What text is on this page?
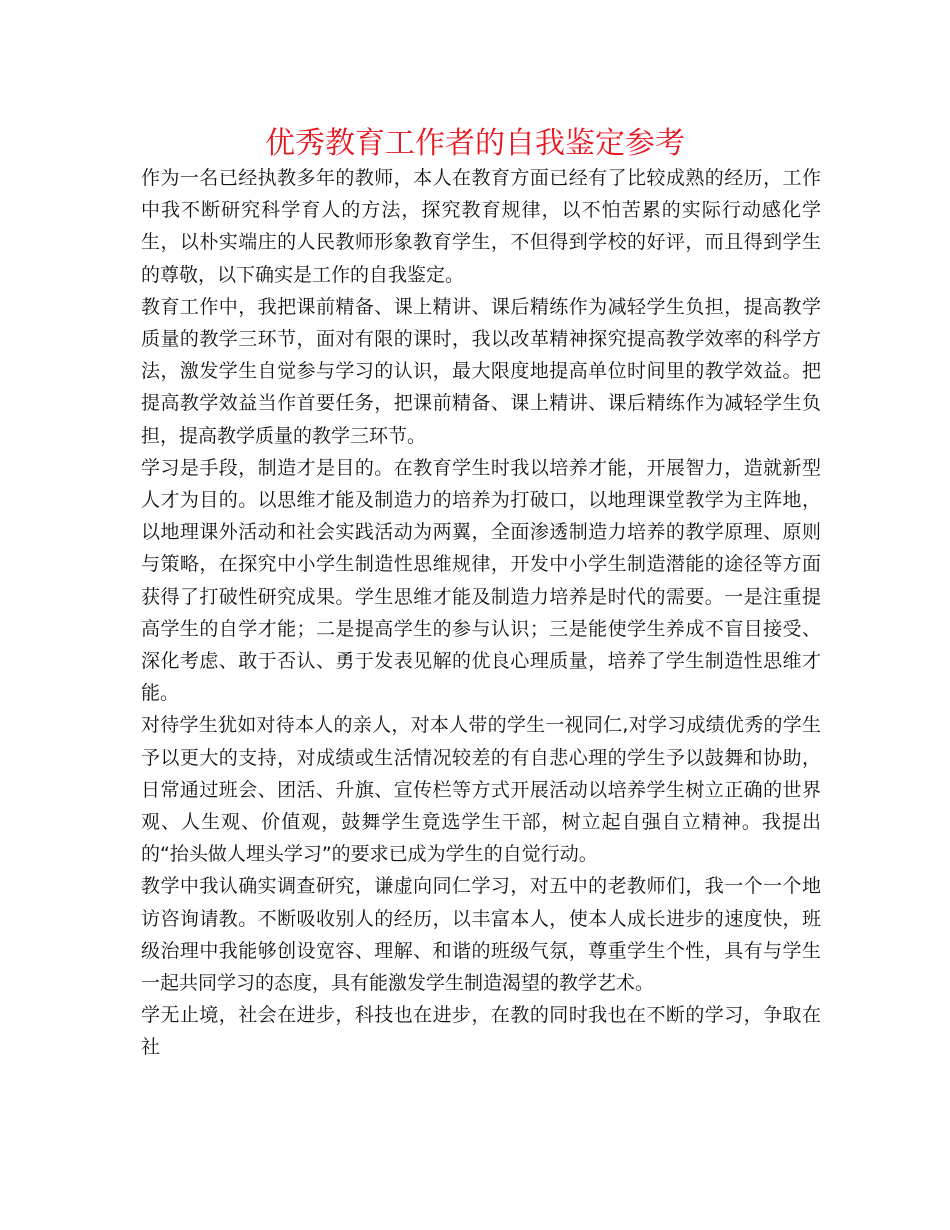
优秀教育工作者的自我鉴定参考

作为一名已经执教多年的教师，本人在教育方面已经有了比较成熟的经历，工作中我不断研究科学育人的方法，探究教育规律，以不怕苦累的实际行动感化学生，以朴实端庄的人民教师形象教育学生，不但得到学校的好评，而且得到学生的尊敬，以下确实是工作的自我鉴定。

教育工作中，我把课前精备、课上精讲、课后精练作为减轻学生负担，提高教学质量的教学三环节，面对有限的课时，我以改革精神探究提高教学效率的科学方法，激发学生自觉参与学习的认识，最大限度地提高单位时间里的教学效益。把提高教学效益当作首要任务，把课前精备、课上精讲、课后精练作为减轻学生负担，提高教学质量的教学三环节。

学习是手段，制造才是目的。在教育学生时我以培养才能，开展智力，造就新型人才为目的。以思维才能及制造力的培养为打破口，以地理课堂教学为主阵地，以地理课外活动和社会实践活动为两翼，全面渗透制造力培养的教学原理、原则与策略，在探究中小学生制造性思维规律，开发中小学生制造潜能的途径等方面获得了打破性研究成果。学生思维才能及制造力培养是时代的需要。一是注重提高学生的自学才能；二是提高学生的参与认识；三是能使学生养成不盲目接受、深化考虑、敢于否认、勇于发表见解的优良心理质量，培养了学生制造性思维才能。

对待学生犹如对待本人的亲人，对本人带的学生一视同仁,对学习成绩优秀的学生予以更大的支持，对成绩或生活情况较差的有自悲心理的学生予以鼓舞和协助，日常通过班会、团活、升旗、宣传栏等方式开展活动以培养学生树立正确的世界观、人生观、价值观，鼓舞学生竟选学生干部，树立起自强自立精神。我提出的“抬头做人埋头学习”的要求已成为学生的自觉行动。

教学中我认确实调查研究，谦虚向同仁学习，对五中的老教师们，我一个一个地访咨询请教。不断吸收别人的经历，以丰富本人，使本人成长进步的速度快，班级治理中我能够创设宽容、理解、和谐的班级气氛，尊重学生个性，具有与学生一起共同学习的态度，具有能激发学生制造渴望的教学艺术。

学无止境，社会在进步，科技也在进步，在教的同时我也在不断的学习，争取在社
